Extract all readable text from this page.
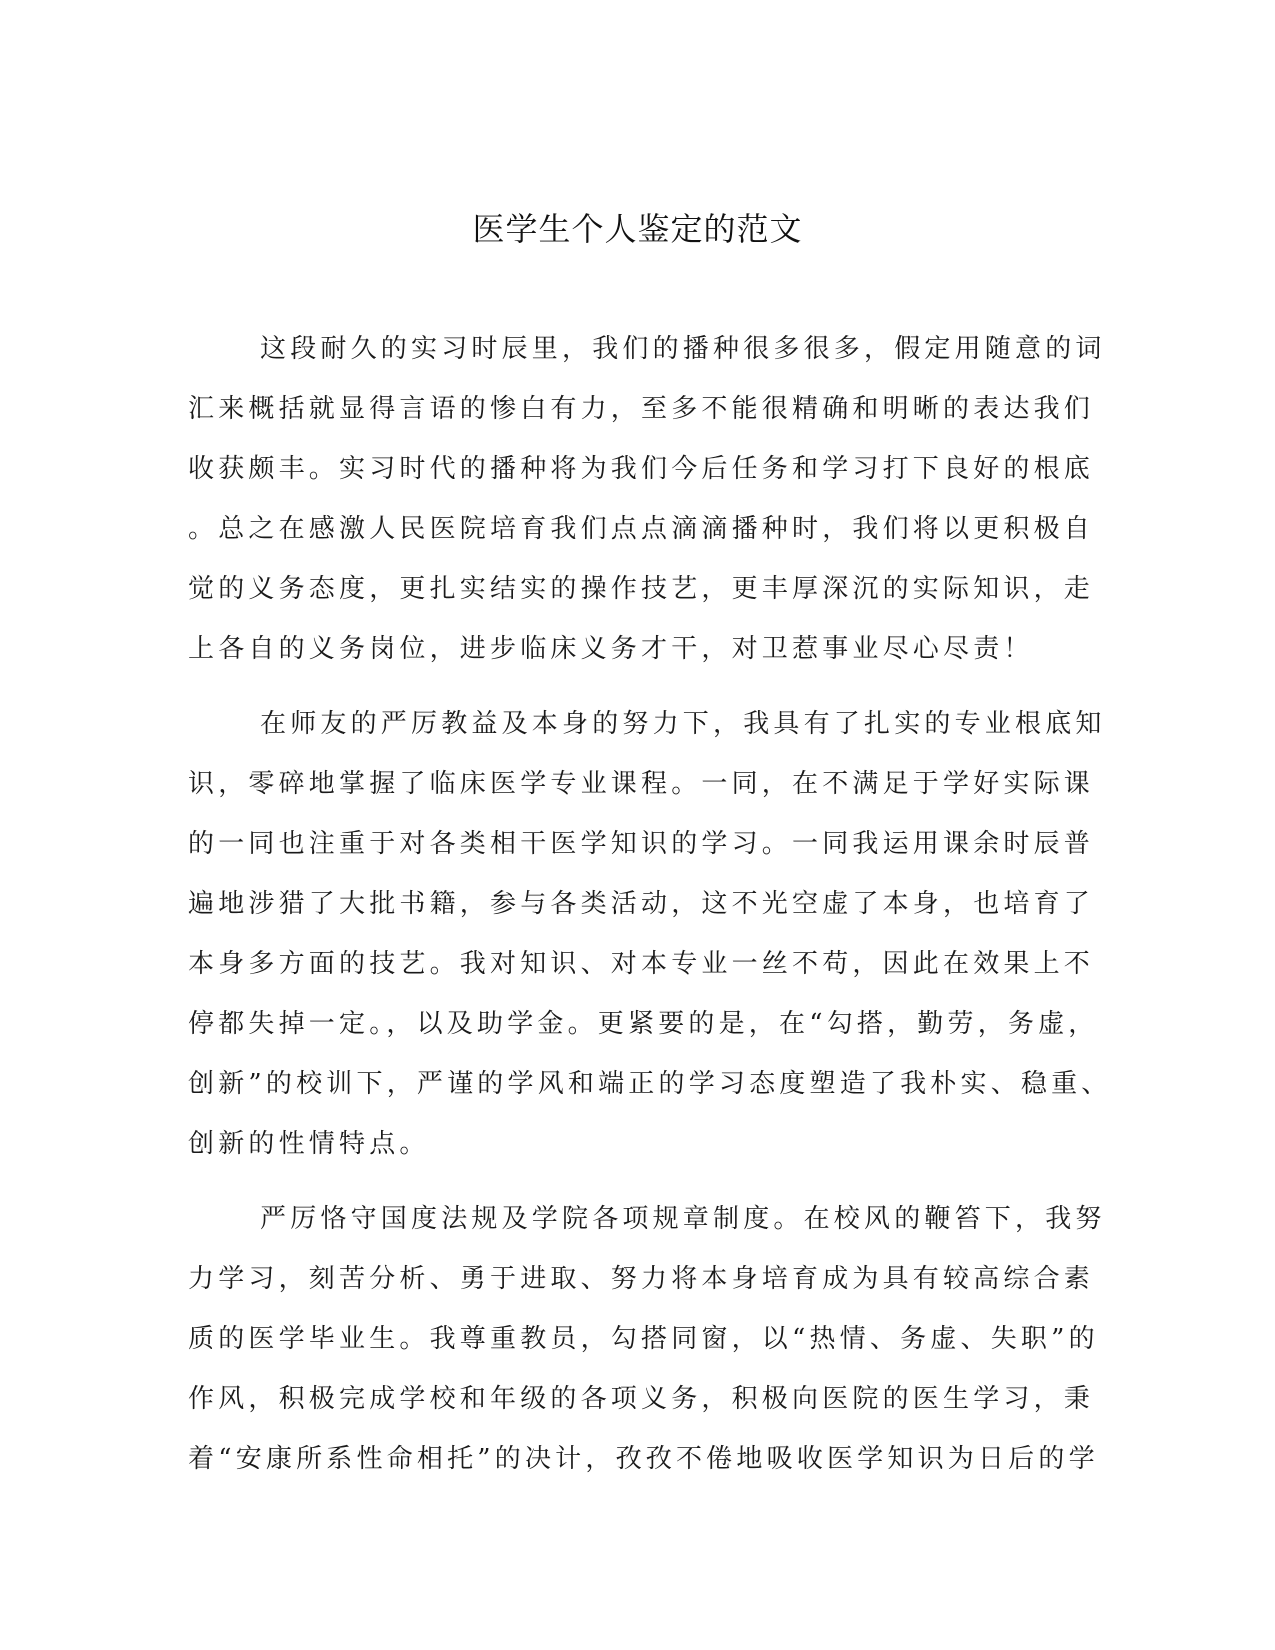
医学生个人鉴定的范文
这段耐久的实习时辰里，我们的播种很多很多，假定用随意的词
汇来概括就显得言语的惨白有力，至多不能很精确和明晰的表达我们
收获颇丰。实习时代的播种将为我们今后任务和学习打下良好的根底
。总之在感激人民医院培育我们点点滴滴播种时，我们将以更积极自
觉的义务态度，更扎实结实的操作技艺，更丰厚深沉的实际知识，走
上各自的义务岗位，进步临床义务才干，对卫惹事业尽心尽责！
在师友的严厉教益及本身的努力下，我具有了扎实的专业根底知
识，零碎地掌握了临床医学专业课程。一同，在不满足于学好实际课
的一同也注重于对各类相干医学知识的学习。一同我运用课余时辰普
遍地涉猎了大批书籍，参与各类活动，这不光空虚了本身，也培育了
本身多方面的技艺。我对知识、对本专业一丝不苟，因此在效果上不
停都失掉一定。，以及助学金。更紧要的是，在“勾搭，勤劳，务虚，
创新”的校训下，严谨的学风和端正的学习态度塑造了我朴实、稳重、
创新的性情特点。
严厉恪守国度法规及学院各项规章制度。在校风的鞭笞下，我努
力学习，刻苦分析、勇于进取、努力将本身培育成为具有较高综合素
质的医学毕业生。我尊重教员，勾搭同窗，以“热情、务虚、失职”的
作风，积极完成学校和年级的各项义务，积极向医院的医生学习，秉
着“安康所系性命相托”的决计，孜孜不倦地吸收医学知识为日后的学
